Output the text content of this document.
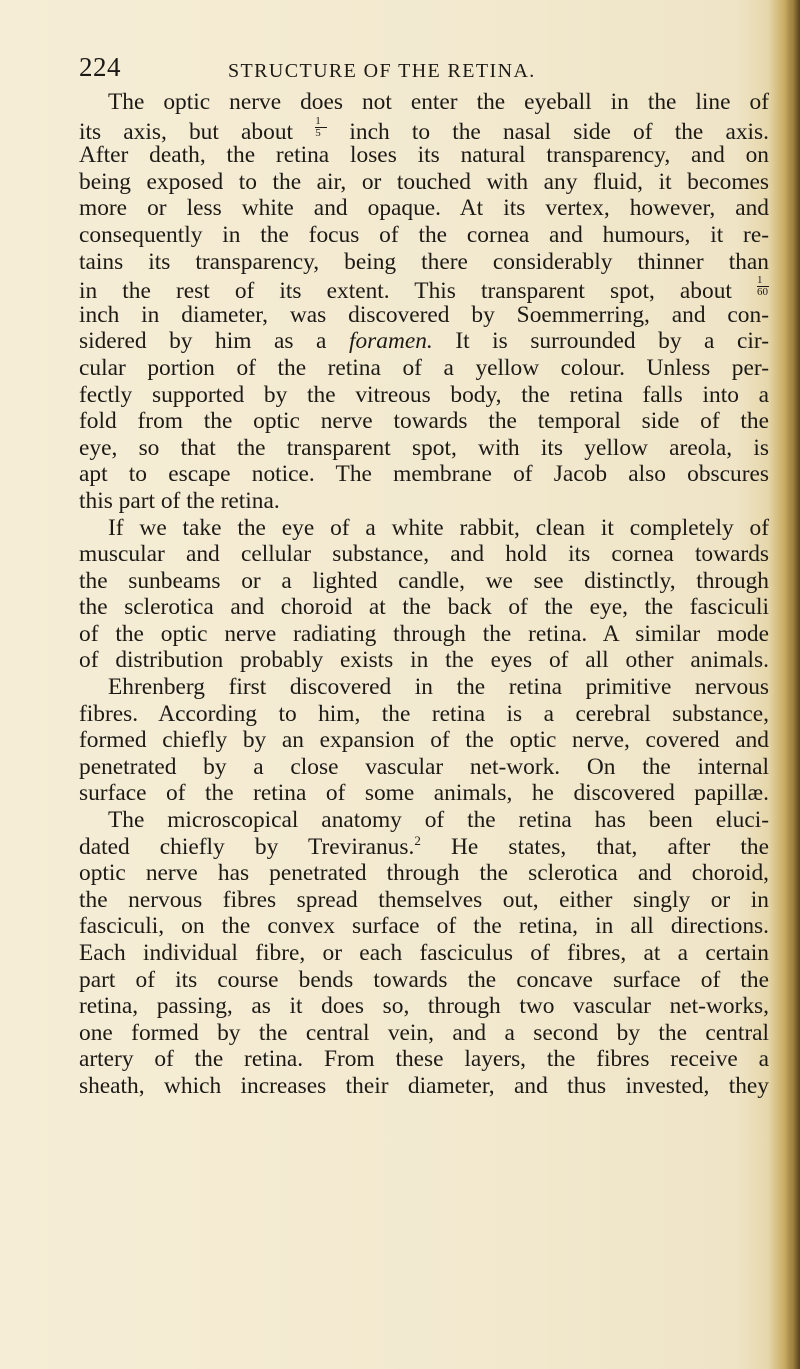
224	STRUCTURE OF THE RETINA.
The optic nerve does not enter the eyeball in the line of
its axis, but about $\frac{1}{5}$ inch to the nasal side of the axis.
After death, the retina loses its natural transparency, and on
being exposed to the air, or touched with any fluid, it becomes
more or less white and opaque. At its vertex, however, and
consequently in the focus of the cornea and humours, it re-
tains its transparency, being there considerably thinner than
in the rest of its extent. This transparent spot, about $\frac{1}{60}$
inch in diameter, was discovered by Soemmerring, and con-
sidered by him as a foramen. It is surrounded by a cir-
cular portion of the retina of a yellow colour. Unless per-
fectly supported by the vitreous body, the retina falls into a
fold from the optic nerve towards the temporal side of the
eye, so that the transparent spot, with its yellow areola, is
apt to escape notice. The membrane of Jacob also obscures
this part of the retina.
If we take the eye of a white rabbit, clean it completely of
muscular and cellular substance, and hold its cornea towards
the sunbeams or a lighted candle, we see distinctly, through
the sclerotica and choroid at the back of the eye, the fasciculi
of the optic nerve radiating through the retina. A similar mode
of distribution probably exists in the eyes of all other animals.
Ehrenberg first discovered in the retina primitive nervous
fibres. According to him, the retina is a cerebral substance,
formed chiefly by an expansion of the optic nerve, covered and
penetrated by a close vascular net-work. On the internal
surface of the retina of some animals, he discovered papillæ.
The microscopical anatomy of the retina has been eluci-
dated chiefly by Treviranus.$^2$ He states, that, after the
optic nerve has penetrated through the sclerotica and choroid,
the nervous fibres spread themselves out, either singly or in
fasciculi, on the convex surface of the retina, in all directions.
Each individual fibre, or each fasciculus of fibres, at a certain
part of its course bends towards the concave surface of the
retina, passing, as it does so, through two vascular net-works,
one formed by the central vein, and a second by the central
artery of the retina. From these layers, the fibres receive a
sheath, which increases their diameter, and thus invested, they
